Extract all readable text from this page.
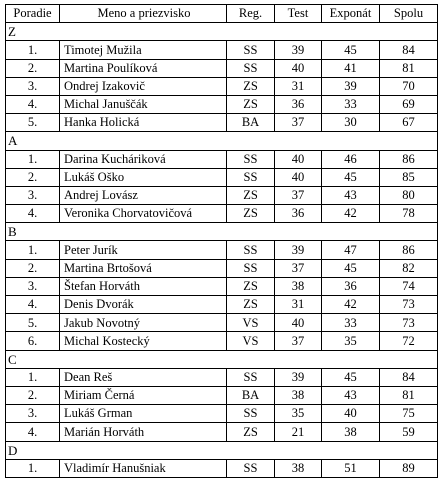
Poradie	Meno a priezvisko	Reg.	Test	Exponát	Spolu
Z					
1.	Timotej Mužila	SS	39	45	84
2.	Martina Poulíková	SS	40	41	81
3.	Ondrej Izakovič	ZS	31	39	70
4.	Michal Januščák	ZS	36	33	69
5.	Hanka Holická	BA	37	30	67
A					
1.	Darina Kucháriková	SS	40	46	86
2.	Lukáš Oško	SS	40	45	85
3.	Andrej Lovász	ZS	37	43	80
4.	Veronika Chorvatovičová	ZS	36	42	78
B					
1.	Peter Jurík	SS	39	47	86
2.	Martina Brtošová	SS	37	45	82
3.	Štefan Horváth	ZS	38	36	74
4.	Denis Dvorák	ZS	31	42	73
5.	Jakub Novotný	VS	40	33	73
6.	Michal Kostecký	VS	37	35	72
C					
1.	Dean Reš	SS	39	45	84
2.	Miriam Černá	BA	38	43	81
3.	Lukáš Grman	SS	35	40	75
4.	Marián Horváth	ZS	21	38	59
D					
1.	Vladimír Hanušniak	SS	38	51	89
